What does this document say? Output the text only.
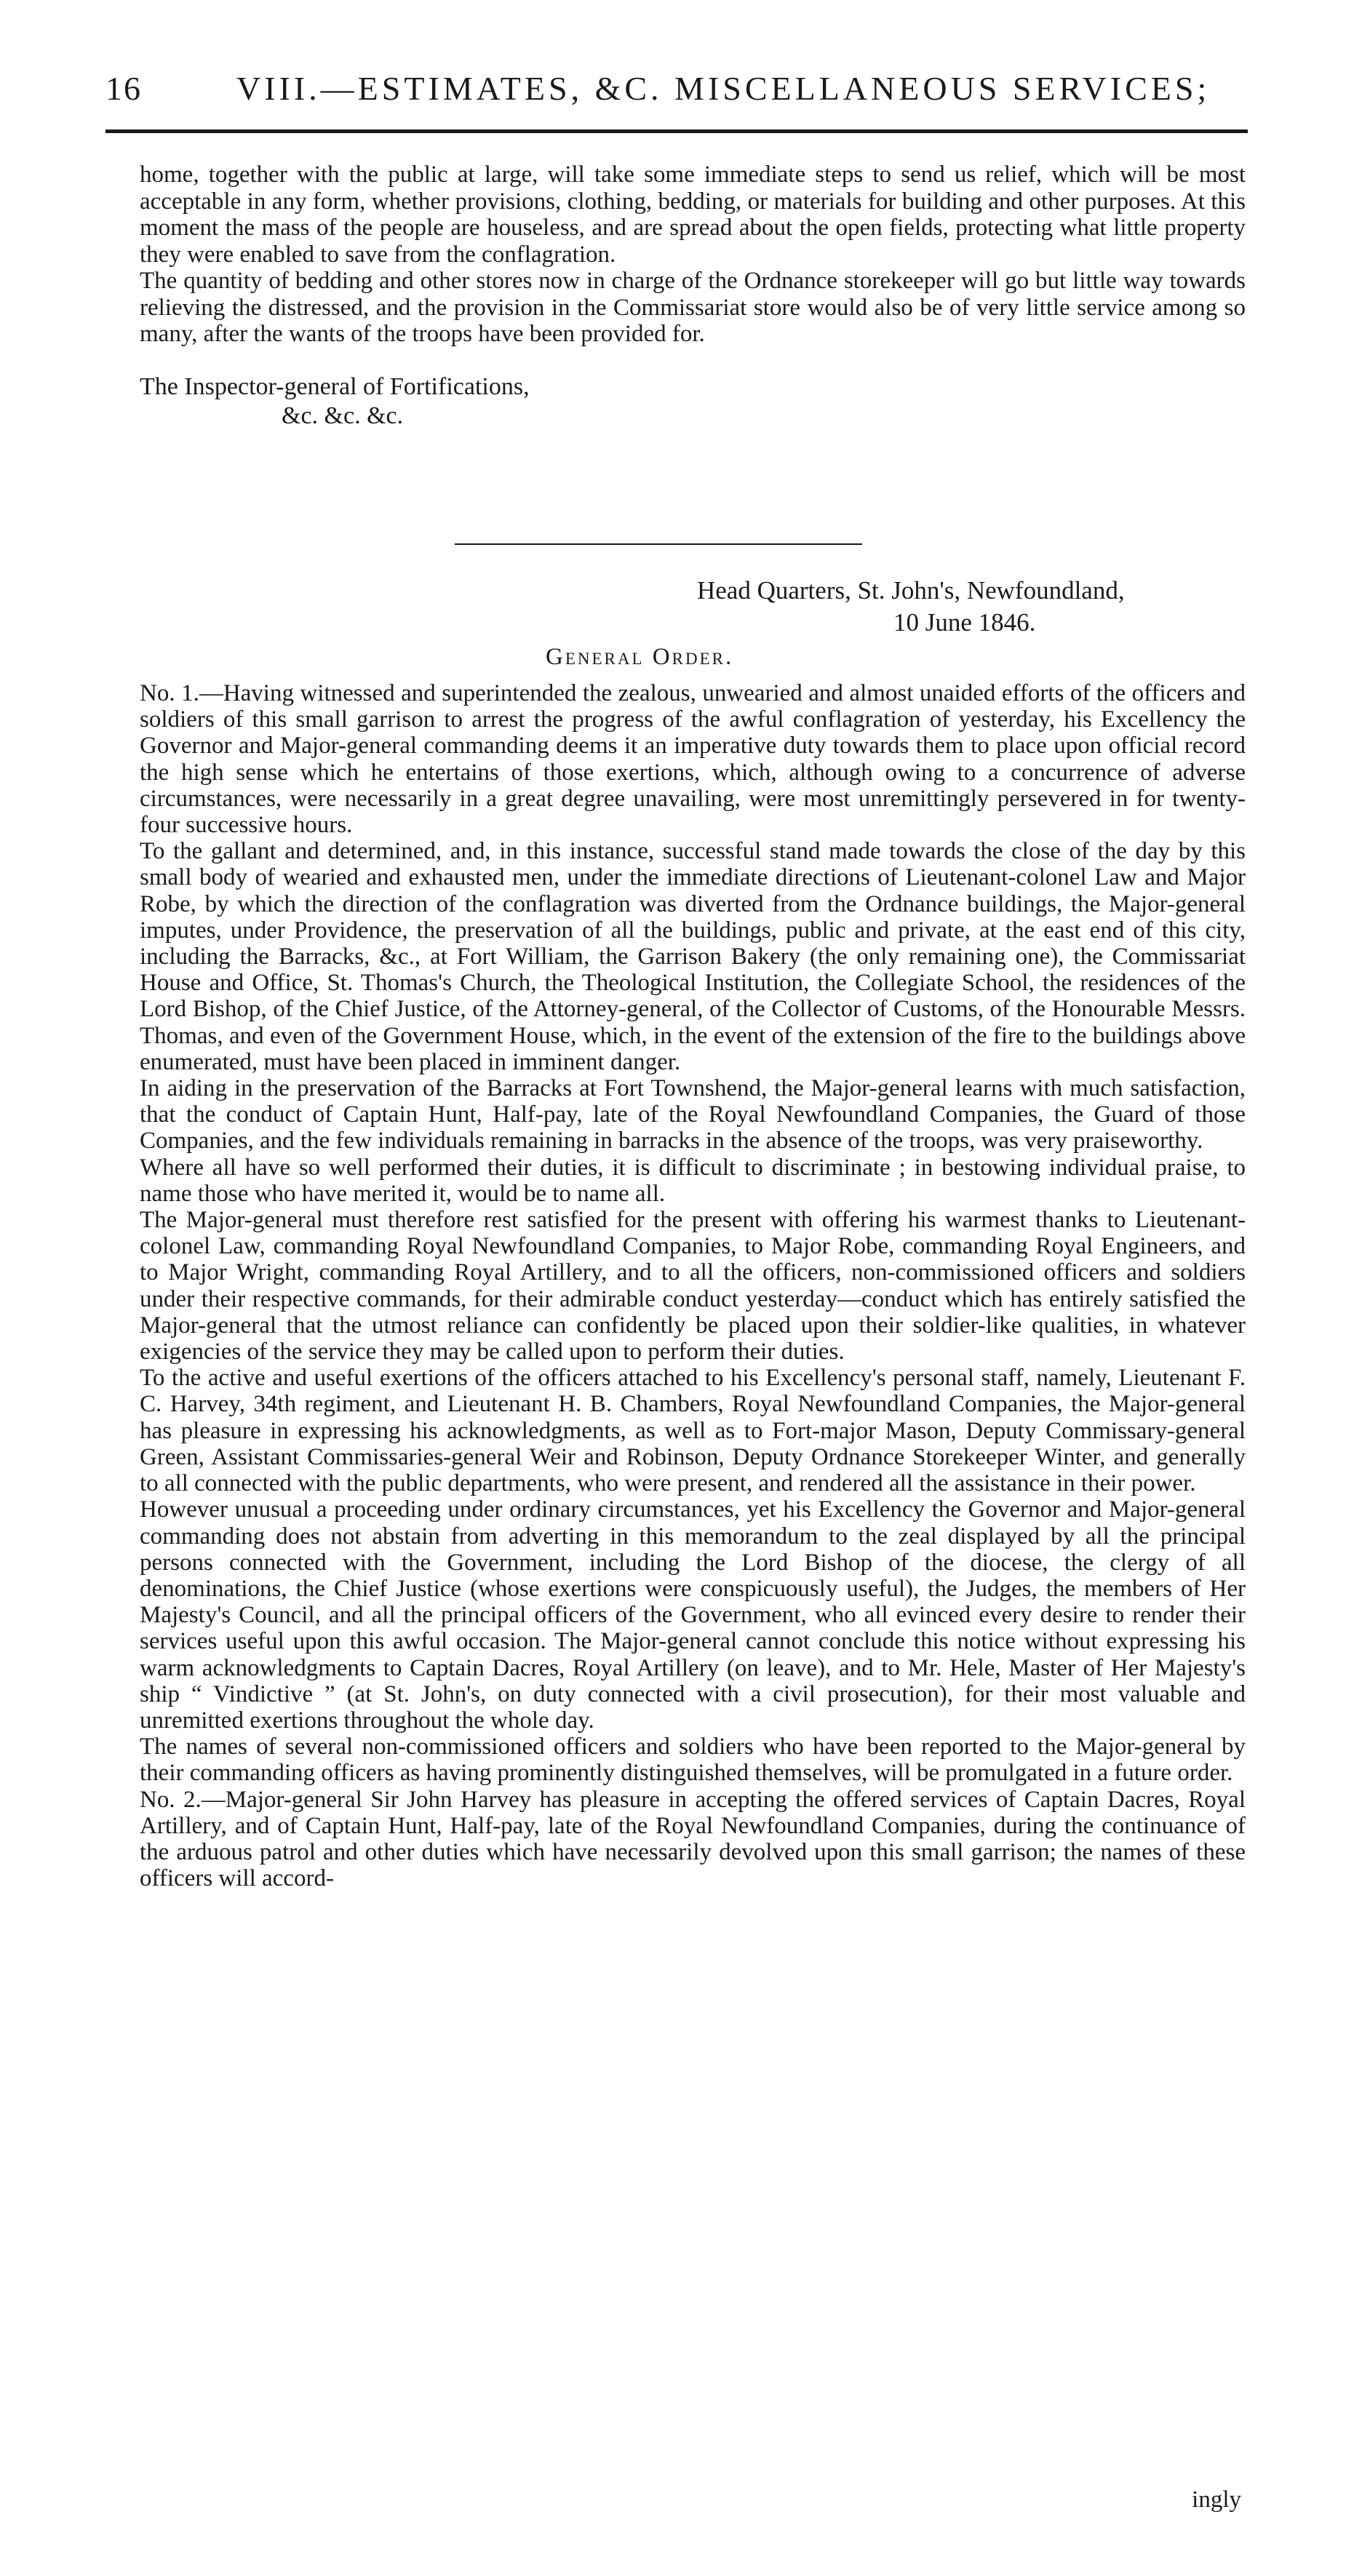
16	VIII.—ESTIMATES, &C. MISCELLANEOUS SERVICES;

home, together with the public at large, will take some immediate steps to send us relief, which will be most acceptable in any form, whether provisions, clothing, bedding, or materials for building and other purposes. At this moment the mass of the people are houseless, and are spread about the open fields, protecting what little property they were enabled to save from the conflagration.

The quantity of bedding and other stores now in charge of the Ordnance storekeeper will go but little way towards relieving the distressed, and the provision in the Commissariat store would also be of very little service among so many, after the wants of the troops have been provided for.

The Inspector-general of Fortifications,
&c. &c. &c.
Head Quarters, St. John's, Newfoundland,
10 June 1846.
General Order.

No. 1.—Having witnessed and superintended the zealous, unwearied and almost unaided efforts of the officers and soldiers of this small garrison to arrest the progress of the awful conflagration of yesterday, his Excellency the Governor and Major-general commanding deems it an imperative duty towards them to place upon official record the high sense which he entertains of those exertions, which, although owing to a concurrence of adverse circumstances, were necessarily in a great degree unavailing, were most unremittingly persevered in for twenty-four successive hours.

To the gallant and determined, and, in this instance, successful stand made towards the close of the day by this small body of wearied and exhausted men, under the immediate directions of Lieutenant-colonel Law and Major Robe, by which the direction of the conflagration was diverted from the Ordnance buildings, the Major-general imputes, under Providence, the preservation of all the buildings, public and private, at the east end of this city, including the Barracks, &c., at Fort William, the Garrison Bakery (the only remaining one), the Commissariat House and Office, St. Thomas's Church, the Theological Institution, the Collegiate School, the residences of the Lord Bishop, of the Chief Justice, of the Attorney-general, of the Collector of Customs, of the Honourable Messrs. Thomas, and even of the Government House, which, in the event of the extension of the fire to the buildings above enumerated, must have been placed in imminent danger.

In aiding in the preservation of the Barracks at Fort Townshend, the Major-general learns with much satisfaction, that the conduct of Captain Hunt, Half-pay, late of the Royal Newfoundland Companies, the Guard of those Companies, and the few individuals remaining in barracks in the absence of the troops, was very praiseworthy.

Where all have so well performed their duties, it is difficult to discriminate ; in bestowing individual praise, to name those who have merited it, would be to name all.

The Major-general must therefore rest satisfied for the present with offering his warmest thanks to Lieutenant-colonel Law, commanding Royal Newfoundland Companies, to Major Robe, commanding Royal Engineers, and to Major Wright, commanding Royal Artillery, and to all the officers, non-commissioned officers and soldiers under their respective commands, for their admirable conduct yesterday—conduct which has entirely satisfied the Major-general that the utmost reliance can confidently be placed upon their soldier-like qualities, in whatever exigencies of the service they may be called upon to perform their duties.

To the active and useful exertions of the officers attached to his Excellency's personal staff, namely, Lieutenant F. C. Harvey, 34th regiment, and Lieutenant H. B. Chambers, Royal Newfoundland Companies, the Major-general has pleasure in expressing his acknowledgments, as well as to Fort-major Mason, Deputy Commissary-general Green, Assistant Commissaries-general Weir and Robinson, Deputy Ordnance Storekeeper Winter, and generally to all connected with the public departments, who were present, and rendered all the assistance in their power.

However unusual a proceeding under ordinary circumstances, yet his Excellency the Governor and Major-general commanding does not abstain from adverting in this memorandum to the zeal displayed by all the principal persons connected with the Government, including the Lord Bishop of the diocese, the clergy of all denominations, the Chief Justice (whose exertions were conspicuously useful), the Judges, the members of Her Majesty's Council, and all the principal officers of the Government, who all evinced every desire to render their services useful upon this awful occasion. The Major-general cannot conclude this notice without expressing his warm acknowledgments to Captain Dacres, Royal Artillery (on leave), and to Mr. Hele, Master of Her Majesty's ship “ Vindictive ” (at St. John's, on duty connected with a civil prosecution), for their most valuable and unremitted exertions throughout the whole day.

The names of several non-commissioned officers and soldiers who have been reported to the Major-general by their commanding officers as having prominently distinguished themselves, will be promulgated in a future order.

No. 2.—Major-general Sir John Harvey has pleasure in accepting the offered services of Captain Dacres, Royal Artillery, and of Captain Hunt, Half-pay, late of the Royal Newfoundland Companies, during the continuance of the arduous patrol and other duties which have necessarily devolved upon this small garrison; the names of these officers will accord-

ingly
